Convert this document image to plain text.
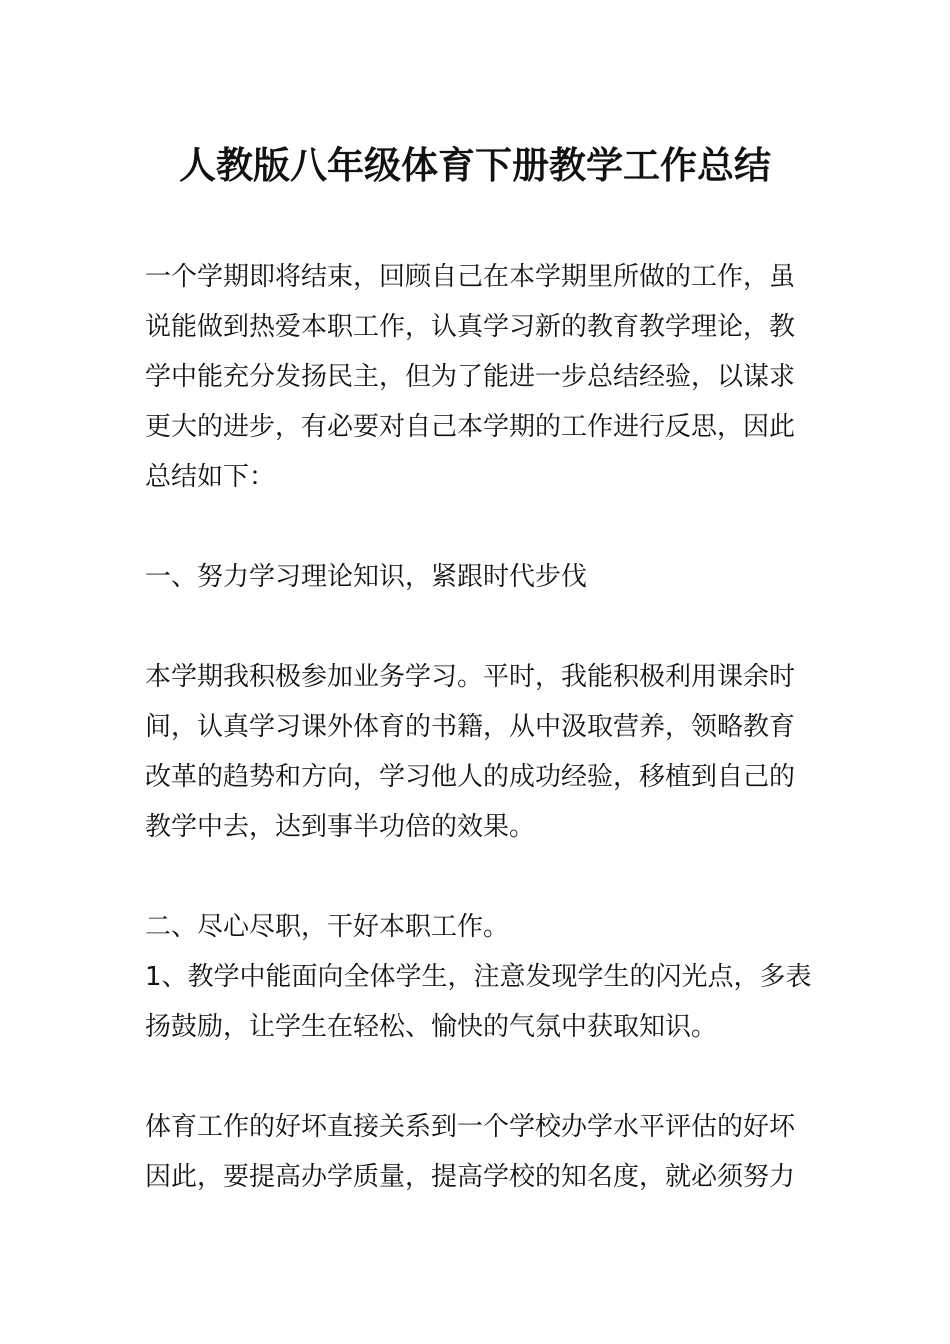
人教版八年级体育下册教学工作总结
一个学期即将结束，回顾自己在本学期里所做的工作，虽
说能做到热爱本职工作，认真学习新的教育教学理论，教
学中能充分发扬民主，但为了能进一步总结经验，以谋求
更大的进步，有必要对自己本学期的工作进行反思，因此
总结如下：
一、努力学习理论知识，紧跟时代步伐
本学期我积极参加业务学习。平时，我能积极利用课余时
间，认真学习课外体育的书籍，从中汲取营养，领略教育
改革的趋势和方向，学习他人的成功经验，移植到自己的
教学中去，达到事半功倍的效果。
二、尽心尽职，干好本职工作。
1、教学中能面向全体学生，注意发现学生的闪光点，多表
扬鼓励，让学生在轻松、愉快的气氛中获取知识。
体育工作的好坏直接关系到一个学校办学水平评估的好坏
因此，要提高办学质量，提高学校的知名度，就必须努力
